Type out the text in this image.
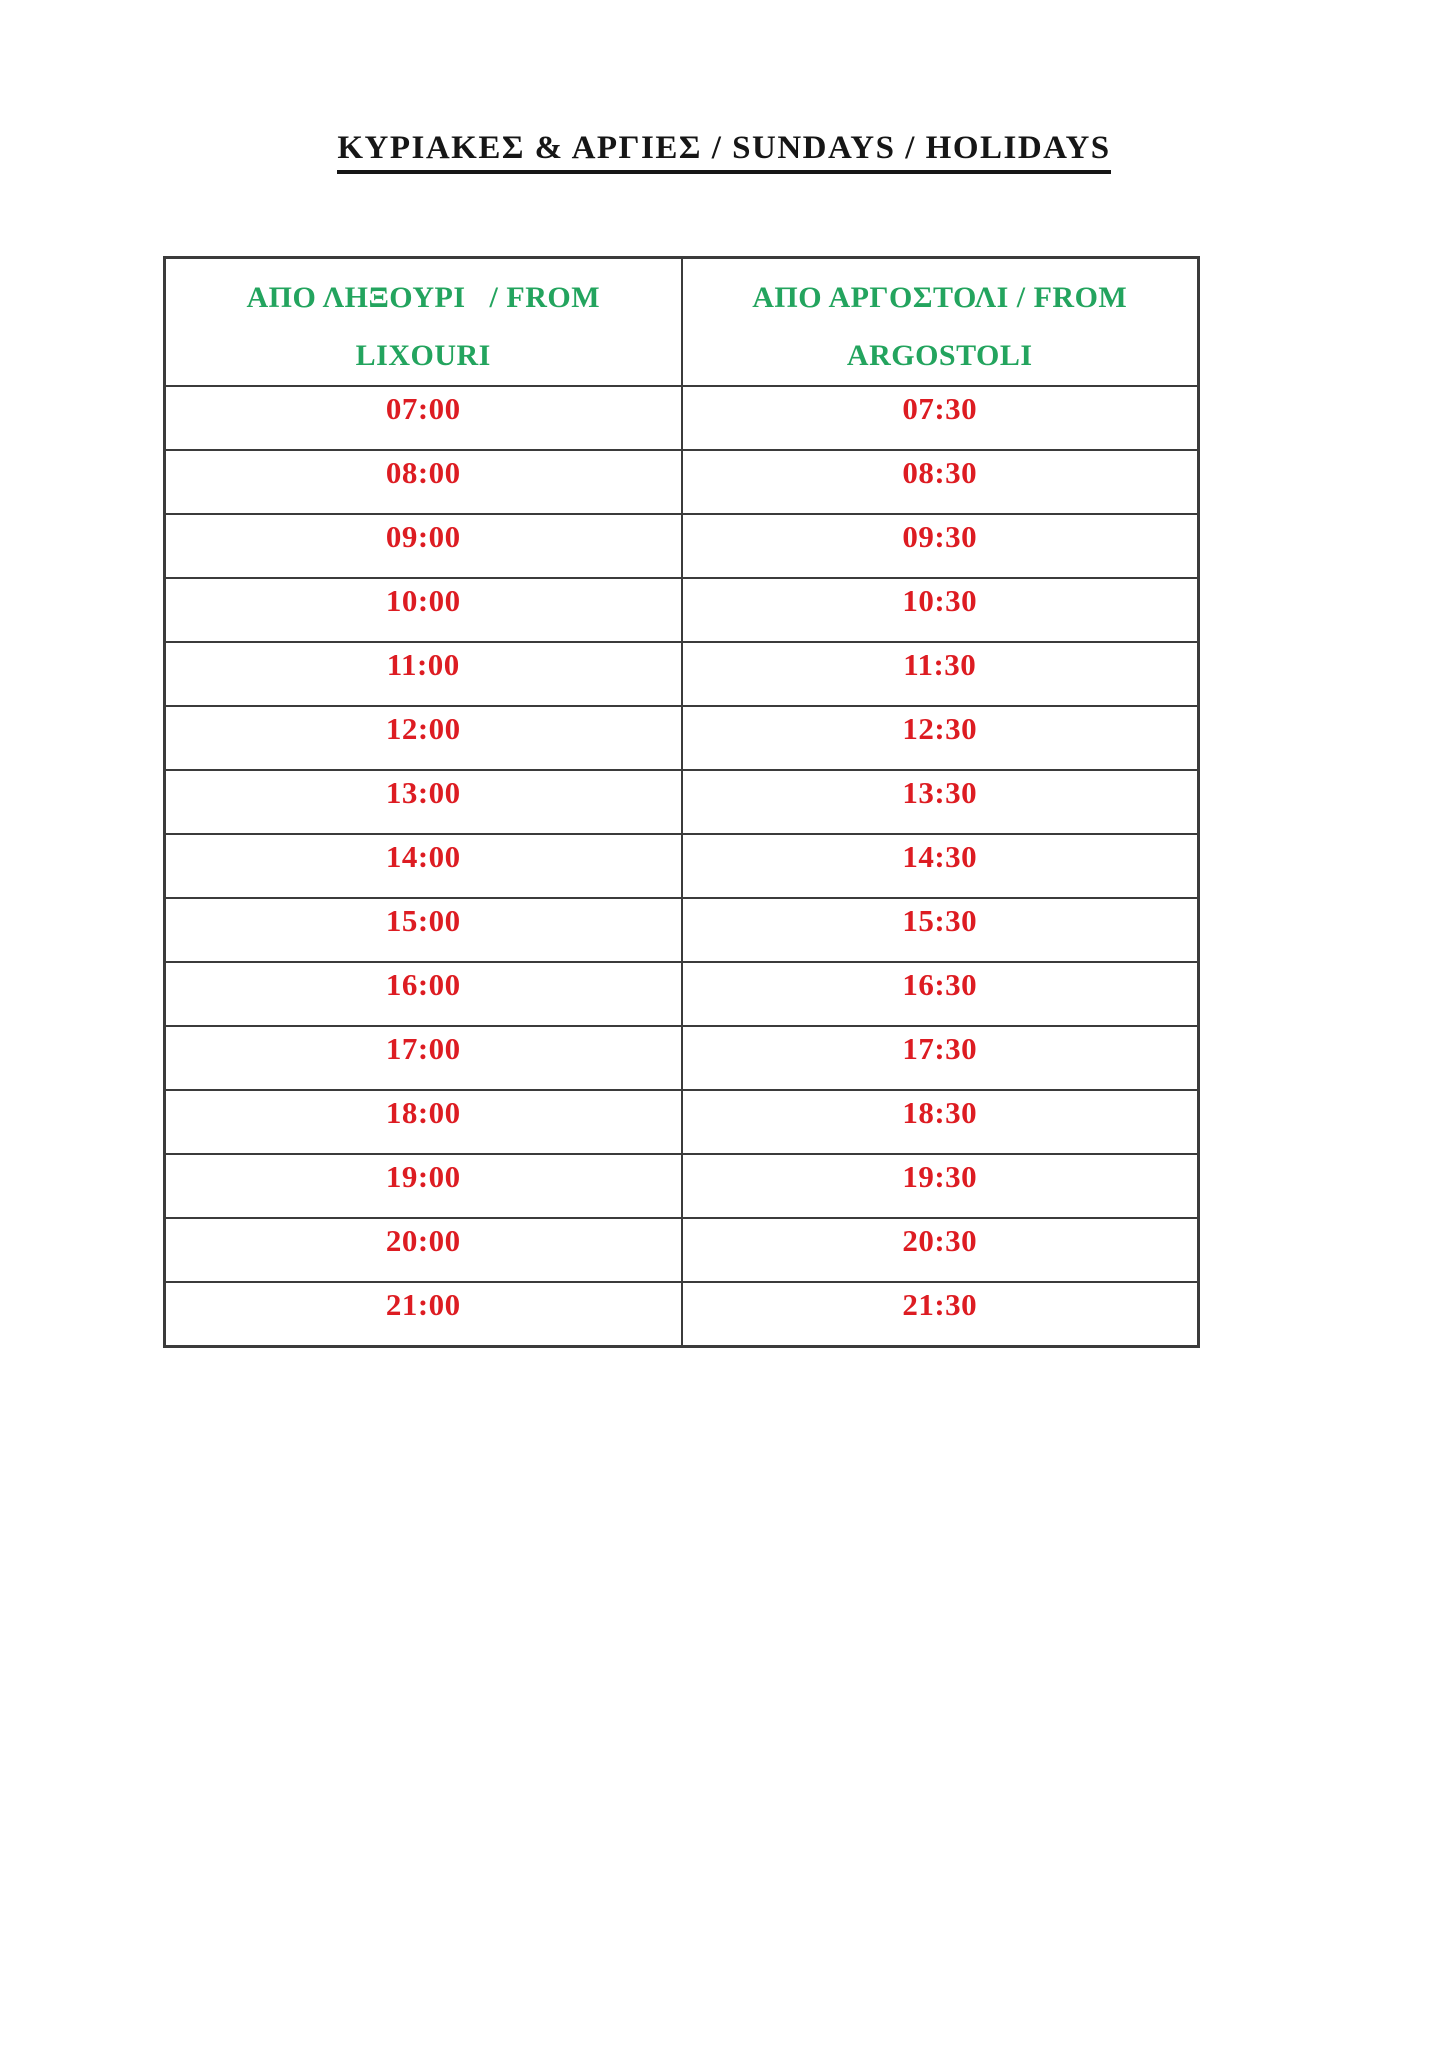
ΚΥΡΙΑΚΕΣ & ΑΡΓΙΕΣ / SUNDAYS / HOLIDAYS
ΑΠΟ ΛΗΞΟΥΡΙ   / FROM
LIXOURI

ΑΠΟ ΑΡΓΟΣΤΟΛΙ / FROM
ARGOSTOLI

07:00	07:30
08:00	08:30
09:00	09:30
10:00	10:30
11:00	11:30
12:00	12:30
13:00	13:30
14:00	14:30
15:00	15:30
16:00	16:30
17:00	17:30
18:00	18:30
19:00	19:30
20:00	20:30
21:00	21:30
